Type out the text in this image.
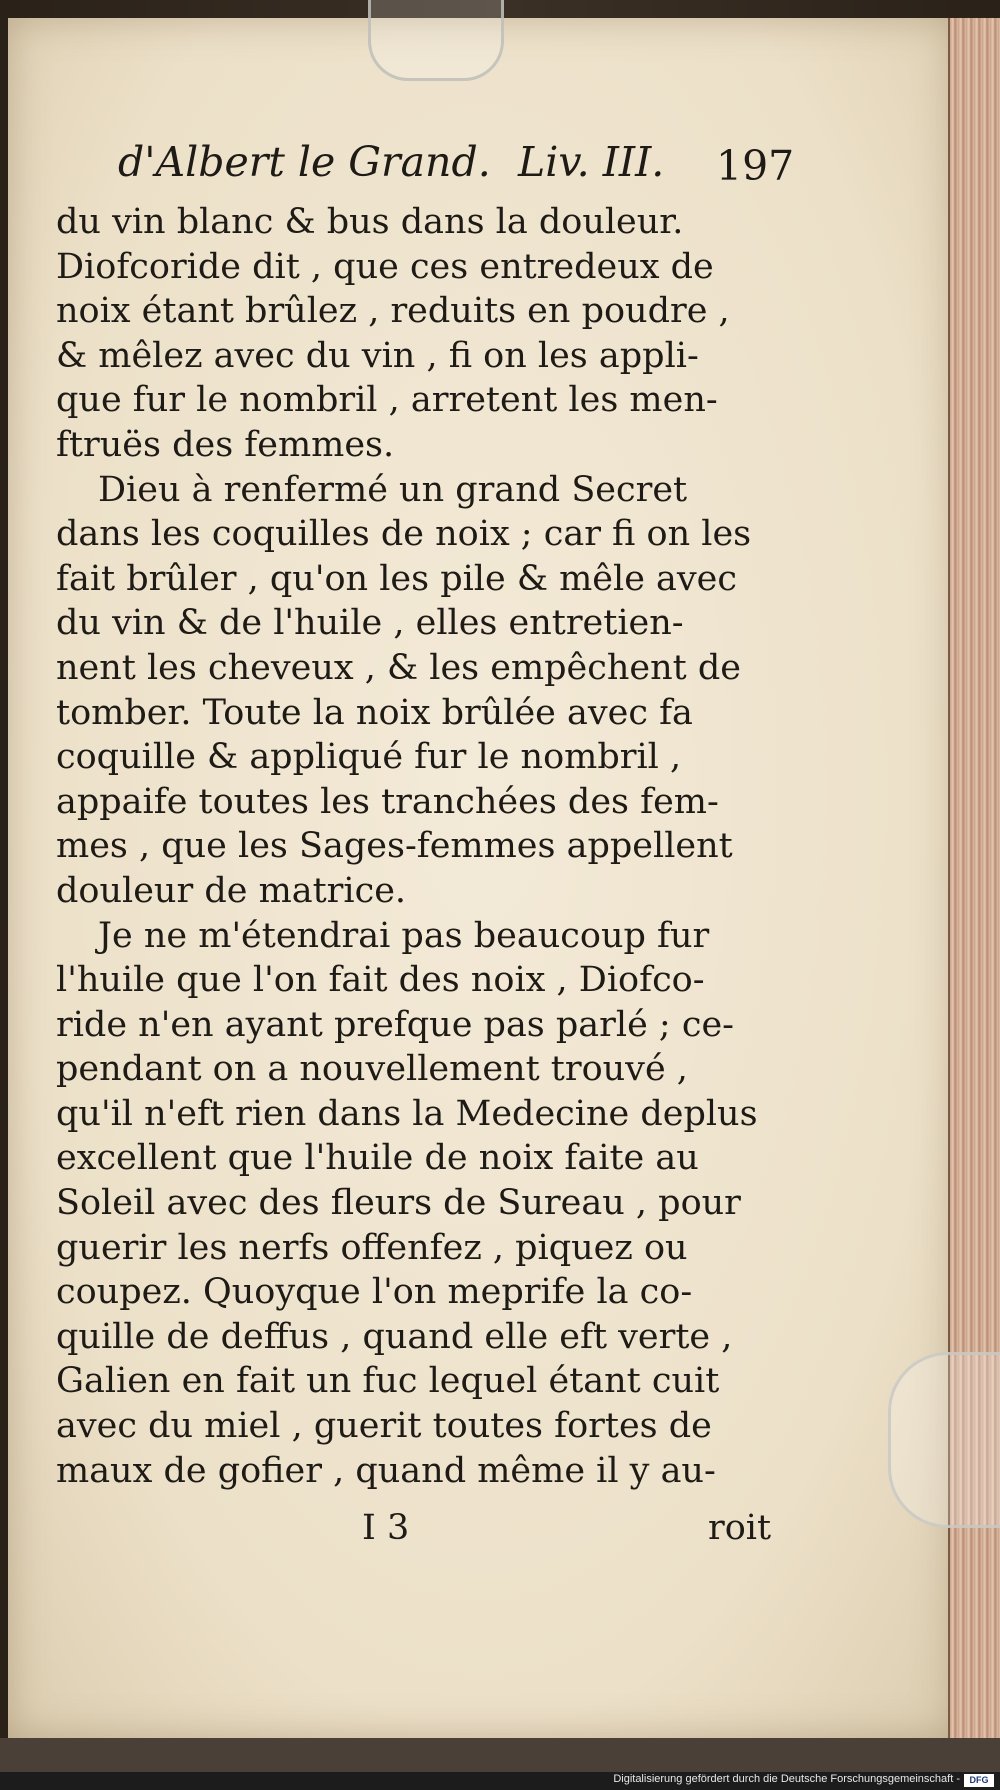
d'Albert le Grand. Liv. III. 197
du vin blanc & bus dans la douleur.
Diofcoride dit , que ces entredeux de
noix étant brûlez , reduits en poudre ,
& mêlez avec du vin , fi on les appli-
que fur le nombril , arretent les men-
ftruës des femmes.
Dieu à renfermé un grand Secret
dans les coquilles de noix ; car fi on les
fait brûler , qu'on les pile & mêle avec
du vin & de l'huile , elles entretien-
nent les cheveux , & les empêchent de
tomber. Toute la noix brûlée avec fa
coquille & appliqué fur le nombril ,
appaife toutes les tranchées des fem-
mes , que les Sages-femmes appellent
douleur de matrice.
Je ne m'étendrai pas beaucoup fur
l'huile que l'on fait des noix , Diofco-
ride n'en ayant prefque pas parlé ; ce-
pendant on a nouvellement trouvé ,
qu'il n'eft rien dans la Medecine deplus
excellent que l'huile de noix faite au
Soleil avec des fleurs de Sureau , pour
guerir les nerfs offenfez , piquez ou
coupez. Quoyque l'on meprife la co-
quille de deffus , quand elle eft verte ,
Galien en fait un fuc lequel étant cuit
avec du miel , guerit toutes fortes de
maux de gofier , quand même il y au-
I 3	roit
Digitalisierung gefördert durch die Deutsche Forschungsgemeinschaft -	DFG
